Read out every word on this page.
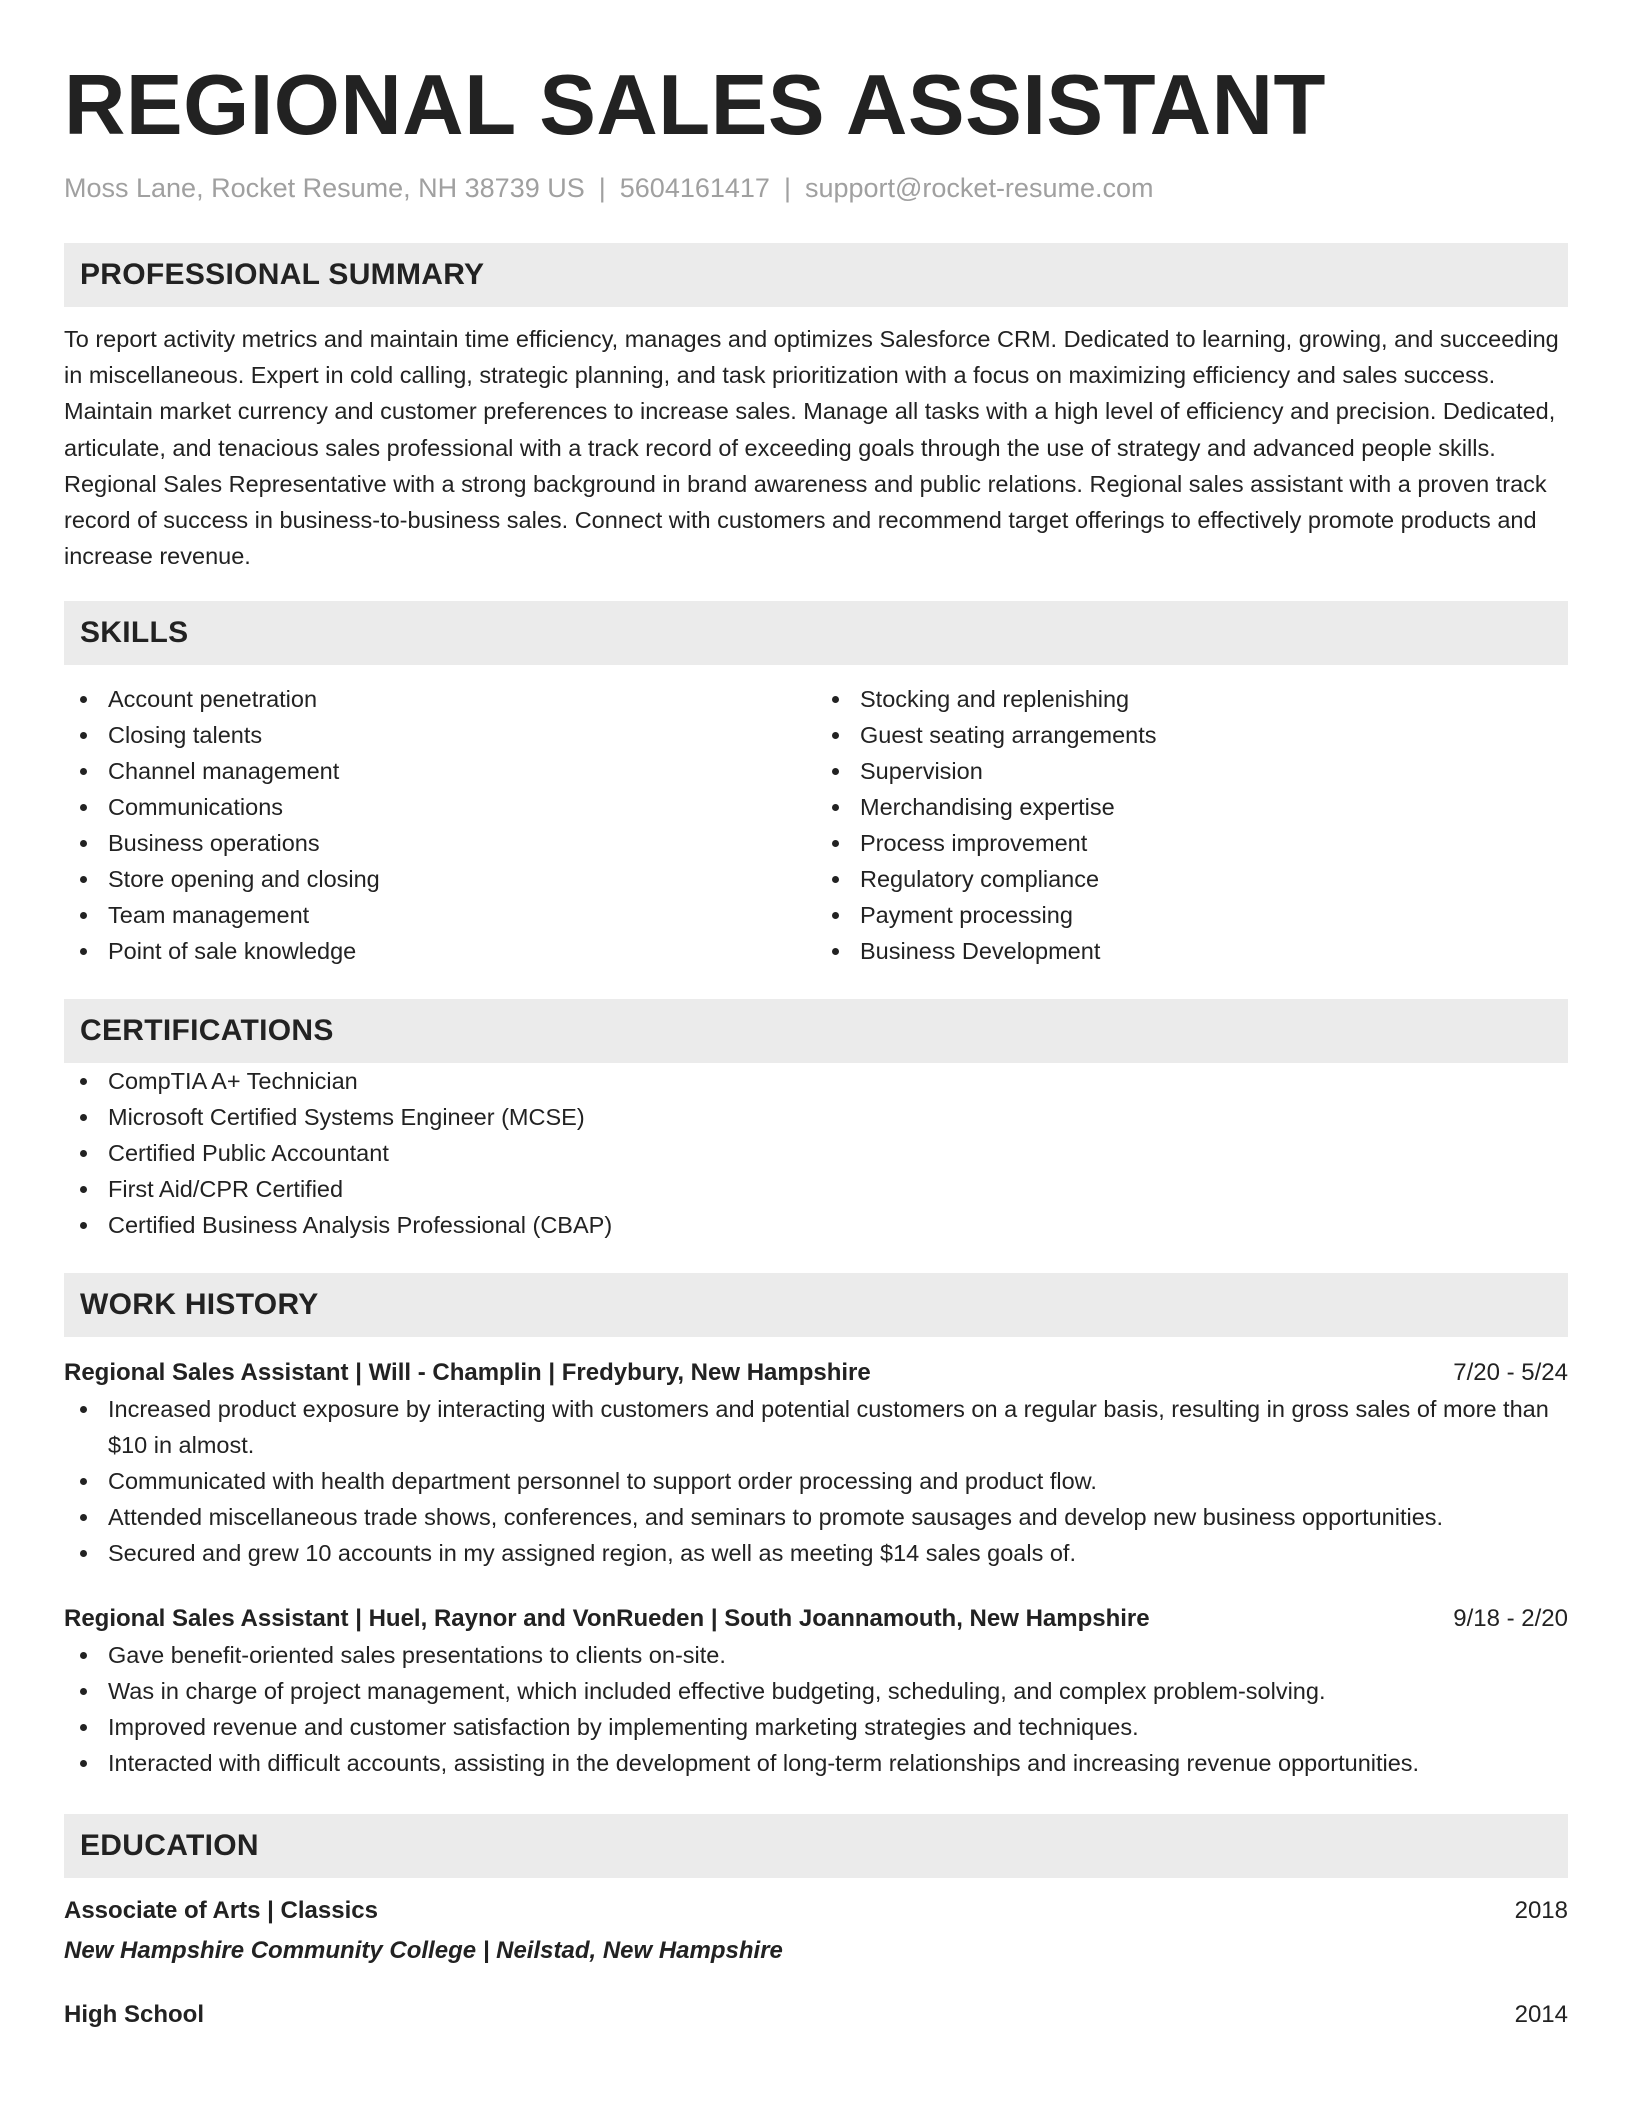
REGIONAL SALES ASSISTANT
Moss Lane, Rocket Resume, NH 38739 US | 5604161417 | support@rocket-resume.com
PROFESSIONAL SUMMARY

To report activity metrics and maintain time efficiency, manages and optimizes Salesforce CRM. Dedicated to learning, growing, and succeeding in miscellaneous. Expert in cold calling, strategic planning, and task prioritization with a focus on maximizing efficiency and sales success. Maintain market currency and customer preferences to increase sales. Manage all tasks with a high level of efficiency and precision. Dedicated, articulate, and tenacious sales professional with a track record of exceeding goals through the use of strategy and advanced people skills. Regional Sales Representative with a strong background in brand awareness and public relations. Regional sales assistant with a proven track record of success in business-to-business sales. Connect with customers and recommend target offerings to effectively promote products and increase revenue.

SKILLS
Account penetration
Closing talents
Channel management
Communications
Business operations
Store opening and closing
Team management
Point of sale knowledge
Stocking and replenishing
Guest seating arrangements
Supervision
Merchandising expertise
Process improvement
Regulatory compliance
Payment processing
Business Development
CERTIFICATIONS
CompTIA A+ Technician
Microsoft Certified Systems Engineer (MCSE)
Certified Public Accountant
First Aid/CPR Certified
Certified Business Analysis Professional (CBAP)
WORK HISTORY
Regional Sales Assistant | Will - Champlin | Fredybury, New Hampshire	7/20 - 5/24
Increased product exposure by interacting with customers and potential customers on a regular basis, resulting in gross sales of more than $10 in almost.
Communicated with health department personnel to support order processing and product flow.
Attended miscellaneous trade shows, conferences, and seminars to promote sausages and develop new business opportunities.
Secured and grew 10 accounts in my assigned region, as well as meeting $14 sales goals of.
Regional Sales Assistant | Huel, Raynor and VonRueden | South Joannamouth, New Hampshire	9/18 - 2/20
Gave benefit-oriented sales presentations to clients on-site.
Was in charge of project management, which included effective budgeting, scheduling, and complex problem-solving.
Improved revenue and customer satisfaction by implementing marketing strategies and techniques.
Interacted with difficult accounts, assisting in the development of long-term relationships and increasing revenue opportunities.
EDUCATION
Associate of Arts | Classics	2018
New Hampshire Community College | Neilstad, New Hampshire
High School	2014
